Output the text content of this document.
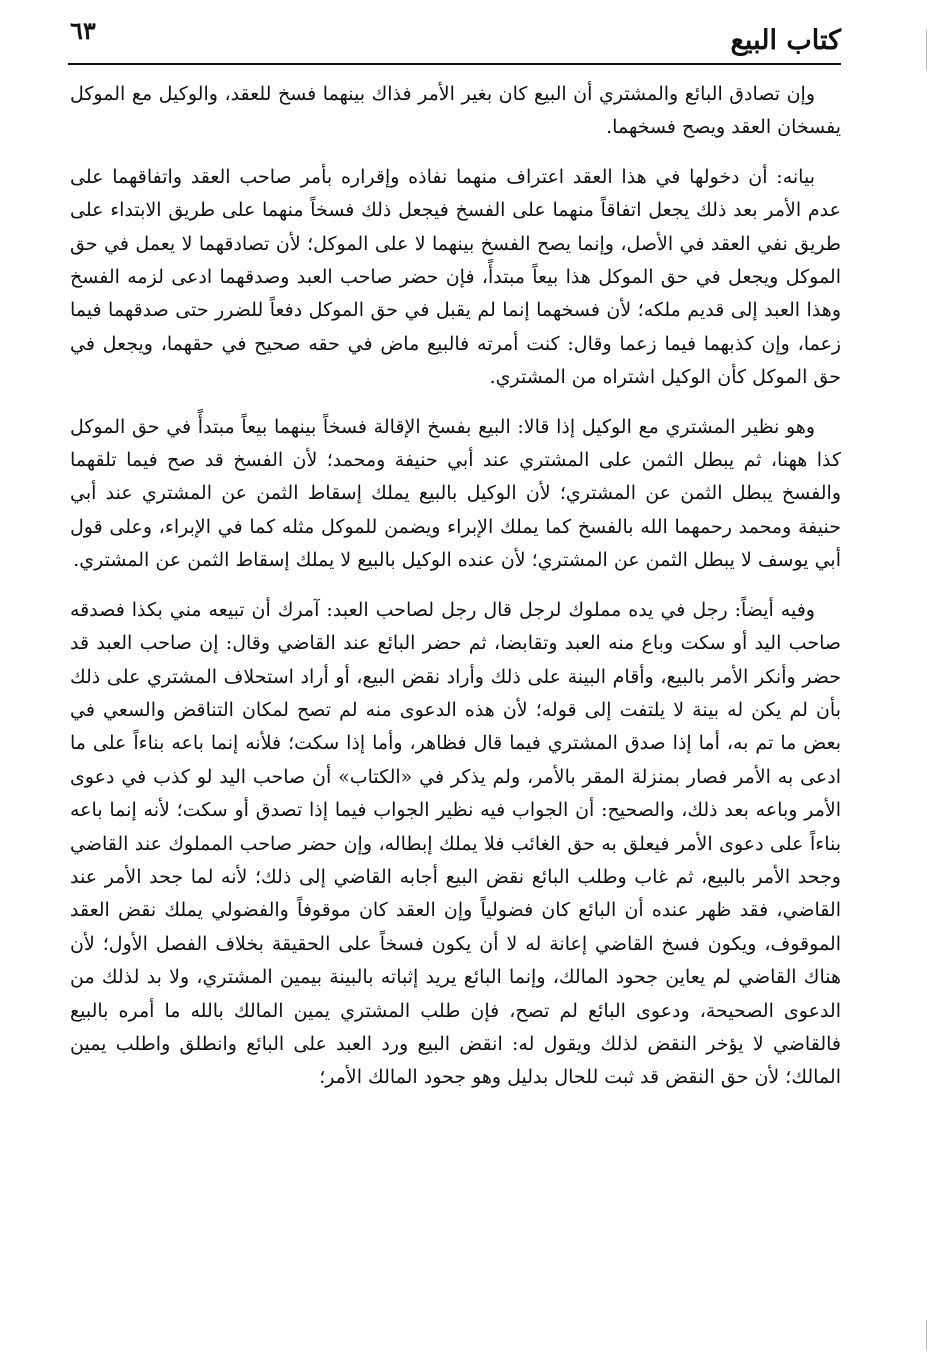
كتاب البيع
٦٣

وإن تصادق البائع والمشتري أن البيع كان بغير الأمر فذاك بينهما فسخ للعقد، والوكيل مع الموكل يفسخان العقد ويصح فسخهما.

بيانه: أن دخولها في هذا العقد اعتراف منهما نفاذه وإقراره بأمر صاحب العقد واتفاقهما على عدم الأمر بعد ذلك يجعل اتفاقاً منهما على الفسخ فيجعل ذلك فسخاً منهما على طريق الابتداء على طريق نفي العقد في الأصل، وإنما يصح الفسخ بينهما لا على الموكل؛ لأن تصادقهما لا يعمل في حق الموكل ويجعل في حق الموكل هذا بيعاً مبتدأً، فإن حضر صاحب العبد وصدقهما ادعى لزمه الفسخ وهذا العبد إلى قديم ملكه؛ لأن فسخهما إنما لم يقبل في حق الموكل دفعاً للضرر حتى صدقهما فيما زعما، وإن كذبهما فيما زعما وقال: كنت أمرته فالبيع ماض في حقه صحيح في حقهما، ويجعل في حق الموكل كأن الوكيل اشتراه من المشتري.

وهو نظير المشتري مع الوكيل إذا قالا: البيع بفسخ الإقالة فسخاً بينهما بيعاً مبتدأً في حق الموكل كذا ههنا، ثم يبطل الثمن على المشتري عند أبي حنيفة ومحمد؛ لأن الفسخ قد صح فيما تلقهما والفسخ يبطل الثمن عن المشتري؛ لأن الوكيل بالبيع يملك إسقاط الثمن عن المشتري عند أبي حنيفة ومحمد رحمهما الله بالفسخ كما يملك الإبراء ويضمن للموكل مثله كما في الإبراء، وعلى قول أبي يوسف لا يبطل الثمن عن المشتري؛ لأن عنده الوكيل بالبيع لا يملك إسقاط الثمن عن المشتري.

وفيه أيضاً: رجل في يده مملوك لرجل قال رجل لصاحب العبد: آمرك أن تبيعه مني بكذا فصدقه صاحب اليد أو سكت وباع منه العبد وتقابضا، ثم حضر البائع عند القاضي وقال: إن صاحب العبد قد حضر وأنكر الأمر بالبيع، وأقام البينة على ذلك وأراد نقض البيع، أو أراد استحلاف المشتري على ذلك بأن لم يكن له بينة لا يلتفت إلى قوله؛ لأن هذه الدعوى منه لم تصح لمكان التناقض والسعي في بعض ما تم به، أما إذا صدق المشتري فيما قال فظاهر، وأما إذا سكت؛ فلأنه إنما باعه بناءاً على ما ادعى به الأمر فصار بمنزلة المقر بالأمر، ولم يذكر في «الكتاب» أن صاحب اليد لو كذب في دعوى الأمر وباعه بعد ذلك، والصحيح: أن الجواب فيه نظير الجواب فيما إذا تصدق أو سكت؛ لأنه إنما باعه بناءاً على دعوى الأمر فيعلق به حق الغائب فلا يملك إبطاله، وإن حضر صاحب المملوك عند القاضي وجحد الأمر بالبيع، ثم غاب وطلب البائع نقض البيع أجابه القاضي إلى ذلك؛ لأنه لما جحد الأمر عند القاضي، فقد ظهر عنده أن البائع كان فضولياً وإن العقد كان موقوفاً والفضولي يملك نقض العقد الموقوف، ويكون فسخ القاضي إعانة له لا أن يكون فسخاً على الحقيقة بخلاف الفصل الأول؛ لأن هناك القاضي لم يعاين جحود المالك، وإنما البائع يريد إثباته بالبينة بيمين المشتري، ولا بد لذلك من الدعوى الصحيحة، ودعوى البائع لم تصح، فإن طلب المشتري يمين المالك بالله ما أمره بالبيع فالقاضي لا يؤخر النقض لذلك ويقول له: انقض البيع ورد العبد على البائع وانطلق واطلب يمين المالك؛ لأن حق النقض قد ثبت للحال بدليل وهو جحود المالك الأمر؛
